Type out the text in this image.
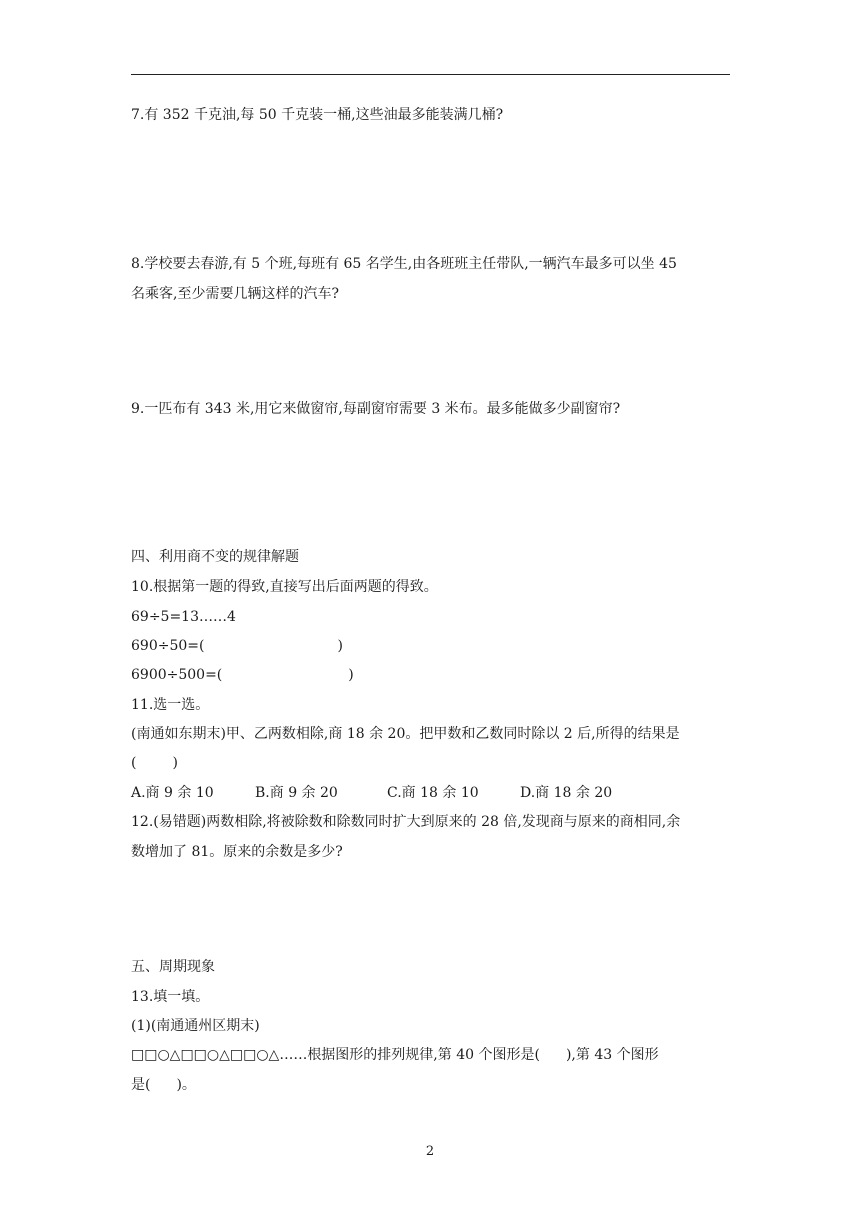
7.有 352 千克油,每 50 千克装一桶,这些油最多能装满几桶?
8.学校要去春游,有 5 个班,每班有 65 名学生,由各班班主任带队,一辆汽车最多可以坐 45
名乘客,至少需要几辆这样的汽车?
9.一匹布有 343 米,用它来做窗帘,每副窗帘需要 3 米布。最多能做多少副窗帘?
四、利用商不变的规律解题
10.根据第一题的得致,直接写出后面两题的得致。
69÷5=13……4
690÷50=(	)
6900÷500=(	)
11.选一选。
(南通如东期末)甲、乙两数相除,商 18 余 20。把甲数和乙数同时除以 2 后,所得的结果是
(	)
A.商 9 余 10	B.商 9 余 20	C.商 18 余 10	D.商 18 余 20
12.(易错题)两数相除,将被除数和除数同时扩大到原来的 28 倍,发现商与原来的商相同,余
数增加了 81。原来的余数是多少?
五、周期现象
13.填一填。
(1)(南通通州区期末)
□□○△□□○△□□○△……根据图形的排列规律,第 40 个图形是( ),第 43 个图形
是( )。
2
